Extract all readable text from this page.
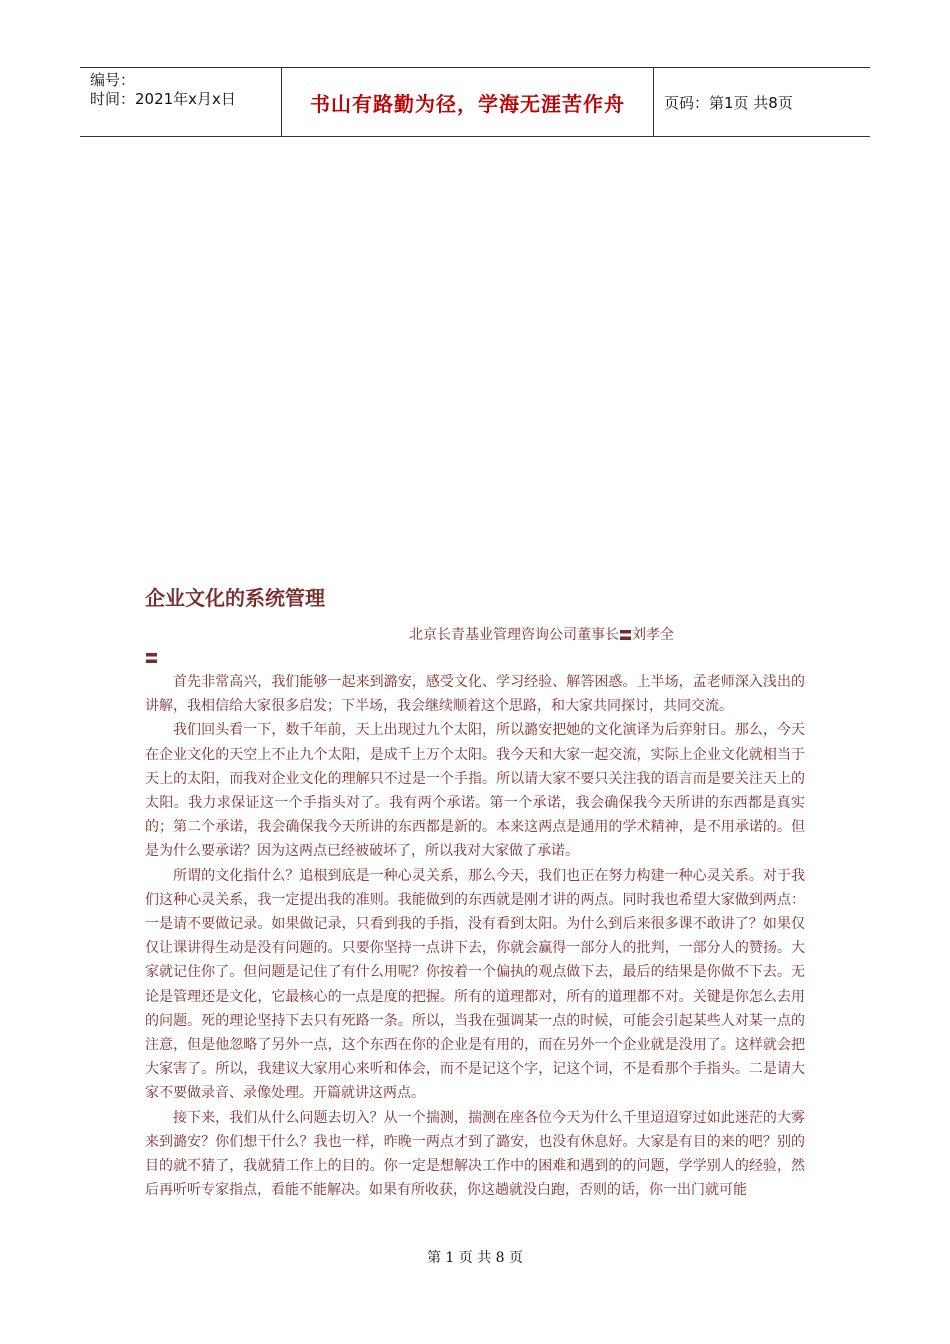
编号：
时间：2021年x月x日	书山有路勤为径，学海无涯苦作舟	页码：第1页 共8页
企业文化的系统管理
北京长青基业管理咨询公司董事长 刘孝全

首先非常高兴，我们能够一起来到潞安，感受文化、学习经验、解答困惑。上半场，孟老师深入浅出的讲解，我相信给大家很多启发；下半场，我会继续顺着这个思路，和大家共同探讨，共同交流。

我们回头看一下，数千年前，天上出现过九个太阳，所以潞安把她的文化演译为后弈射日。那么，今天在企业文化的天空上不止九个太阳，是成千上万个太阳。我今天和大家一起交流，实际上企业文化就相当于天上的太阳，而我对企业文化的理解只不过是一个手指。所以请大家不要只关注我的语言而是要关注天上的太阳。我力求保证这一个手指头对了。我有两个承诺。第一个承诺，我会确保我今天所讲的东西都是真实的；第二个承诺，我会确保我今天所讲的东西都是新的。本来这两点是通用的学术精神，是不用承诺的。但是为什么要承诺？因为这两点已经被破坏了，所以我对大家做了承诺。

所谓的文化指什么？追根到底是一种心灵关系，那么今天，我们也正在努力构建一种心灵关系。对于我们这种心灵关系，我一定提出我的准则。我能做到的东西就是刚才讲的两点。同时我也希望大家做到两点：一是请不要做记录。如果做记录，只看到我的手指，没有看到太阳。为什么到后来很多课不敢讲了？如果仅仅让课讲得生动是没有问题的。只要你坚持一点讲下去，你就会赢得一部分人的批判，一部分人的赞扬。大家就记住你了。但问题是记住了有什么用呢？你按着一个偏执的观点做下去，最后的结果是你做不下去。无论是管理还是文化，它最核心的一点是度的把握。所有的道理都对，所有的道理都不对。关键是你怎么去用的问题。死的理论坚持下去只有死路一条。所以，当我在强调某一点的时候，可能会引起某些人对某一点的注意，但是他忽略了另外一点，这个东西在你的企业是有用的，而在另外一个企业就是没用了。这样就会把大家害了。所以，我建议大家用心来听和体会，而不是记这个字，记这个词，不是看那个手指头。二是请大家不要做录音、录像处理。开篇就讲这两点。

接下来，我们从什么问题去切入？从一个揣测，揣测在座各位今天为什么千里迢迢穿过如此迷茫的大雾来到潞安？你们想干什么？我也一样，昨晚一两点才到了潞安，也没有休息好。大家是有目的来的吧？别的目的就不猜了，我就猜工作上的目的。你一定是想解决工作中的困难和遇到的的问题，学学别人的经验，然后再听听专家指点，看能不能解决。如果有所收获，你这趟就没白跑，否则的话，你一出门就可能

第 1 页 共 8 页
